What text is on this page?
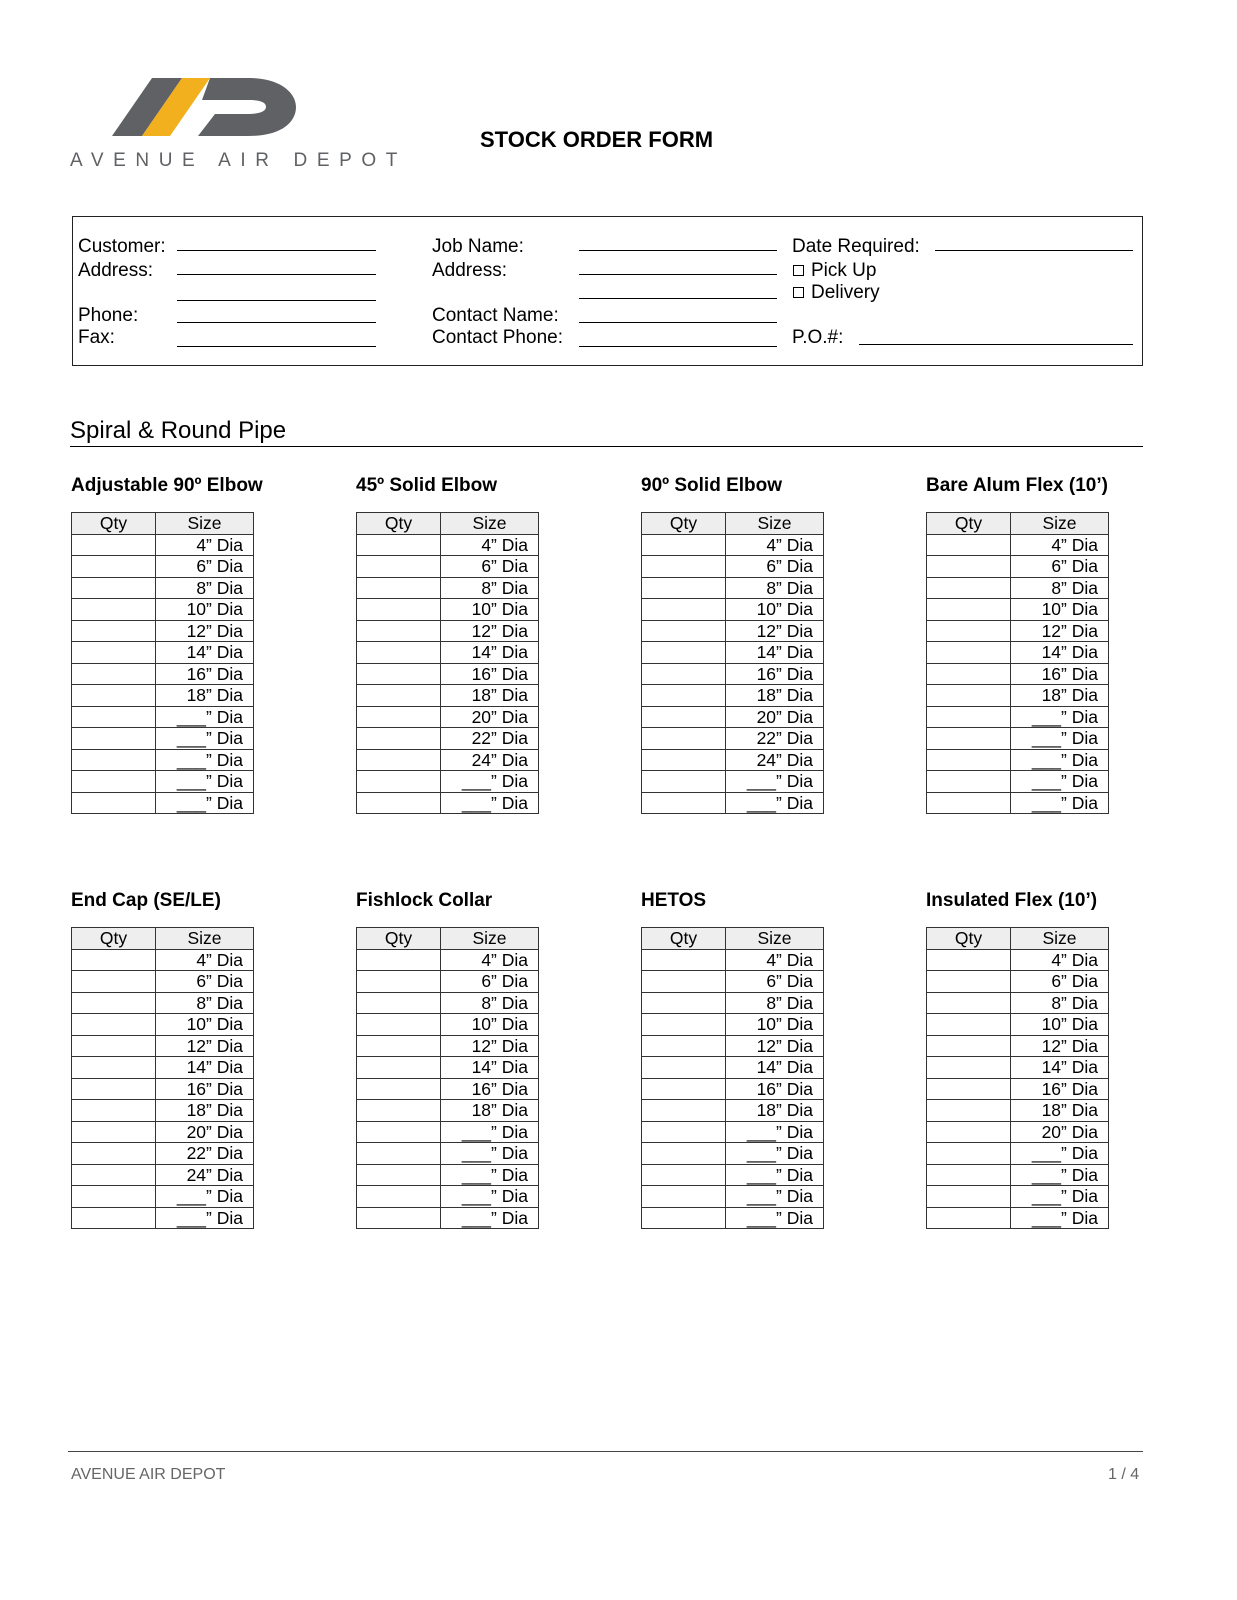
AVENUE AIR DEPOT
STOCK ORDER FORM
Customer:
Address:
Phone:
Fax:
Job Name:
Address:
Contact Name:
Contact Phone:
Date Required:
Pick Up
Delivery
P.O.#:
Spiral & Round Pipe
Adjustable 90º Elbow
Qty	Size
	4” Dia
	6” Dia
	8” Dia
	10” Dia
	12” Dia
	14” Dia
	16” Dia
	18” Dia
	___” Dia
	___” Dia
	___” Dia
	___” Dia
	___” Dia
45º Solid Elbow
Qty	Size
	4” Dia
	6” Dia
	8” Dia
	10” Dia
	12” Dia
	14” Dia
	16” Dia
	18” Dia
	20” Dia
	22” Dia
	24” Dia
	___” Dia
	___” Dia
90º Solid Elbow
Qty	Size
	4” Dia
	6” Dia
	8” Dia
	10” Dia
	12” Dia
	14” Dia
	16” Dia
	18” Dia
	20” Dia
	22” Dia
	24” Dia
	___” Dia
	___” Dia
Bare Alum Flex (10’)
Qty	Size
	4” Dia
	6” Dia
	8” Dia
	10” Dia
	12” Dia
	14” Dia
	16” Dia
	18” Dia
	___” Dia
	___” Dia
	___” Dia
	___” Dia
	___” Dia
End Cap (SE/LE)
Qty	Size
	4” Dia
	6” Dia
	8” Dia
	10” Dia
	12” Dia
	14” Dia
	16” Dia
	18” Dia
	20” Dia
	22” Dia
	24” Dia
	___” Dia
	___” Dia
Fishlock Collar
Qty	Size
	4” Dia
	6” Dia
	8” Dia
	10” Dia
	12” Dia
	14” Dia
	16” Dia
	18” Dia
	___” Dia
	___” Dia
	___” Dia
	___” Dia
	___” Dia
HETOS
Qty	Size
	4” Dia
	6” Dia
	8” Dia
	10” Dia
	12” Dia
	14” Dia
	16” Dia
	18” Dia
	___” Dia
	___” Dia
	___” Dia
	___” Dia
	___” Dia
Insulated Flex (10’)
Qty	Size
	4” Dia
	6” Dia
	8” Dia
	10” Dia
	12” Dia
	14” Dia
	16” Dia
	18” Dia
	20” Dia
	___” Dia
	___” Dia
	___” Dia
	___” Dia
AVENUE AIR DEPOT	1 / 4
